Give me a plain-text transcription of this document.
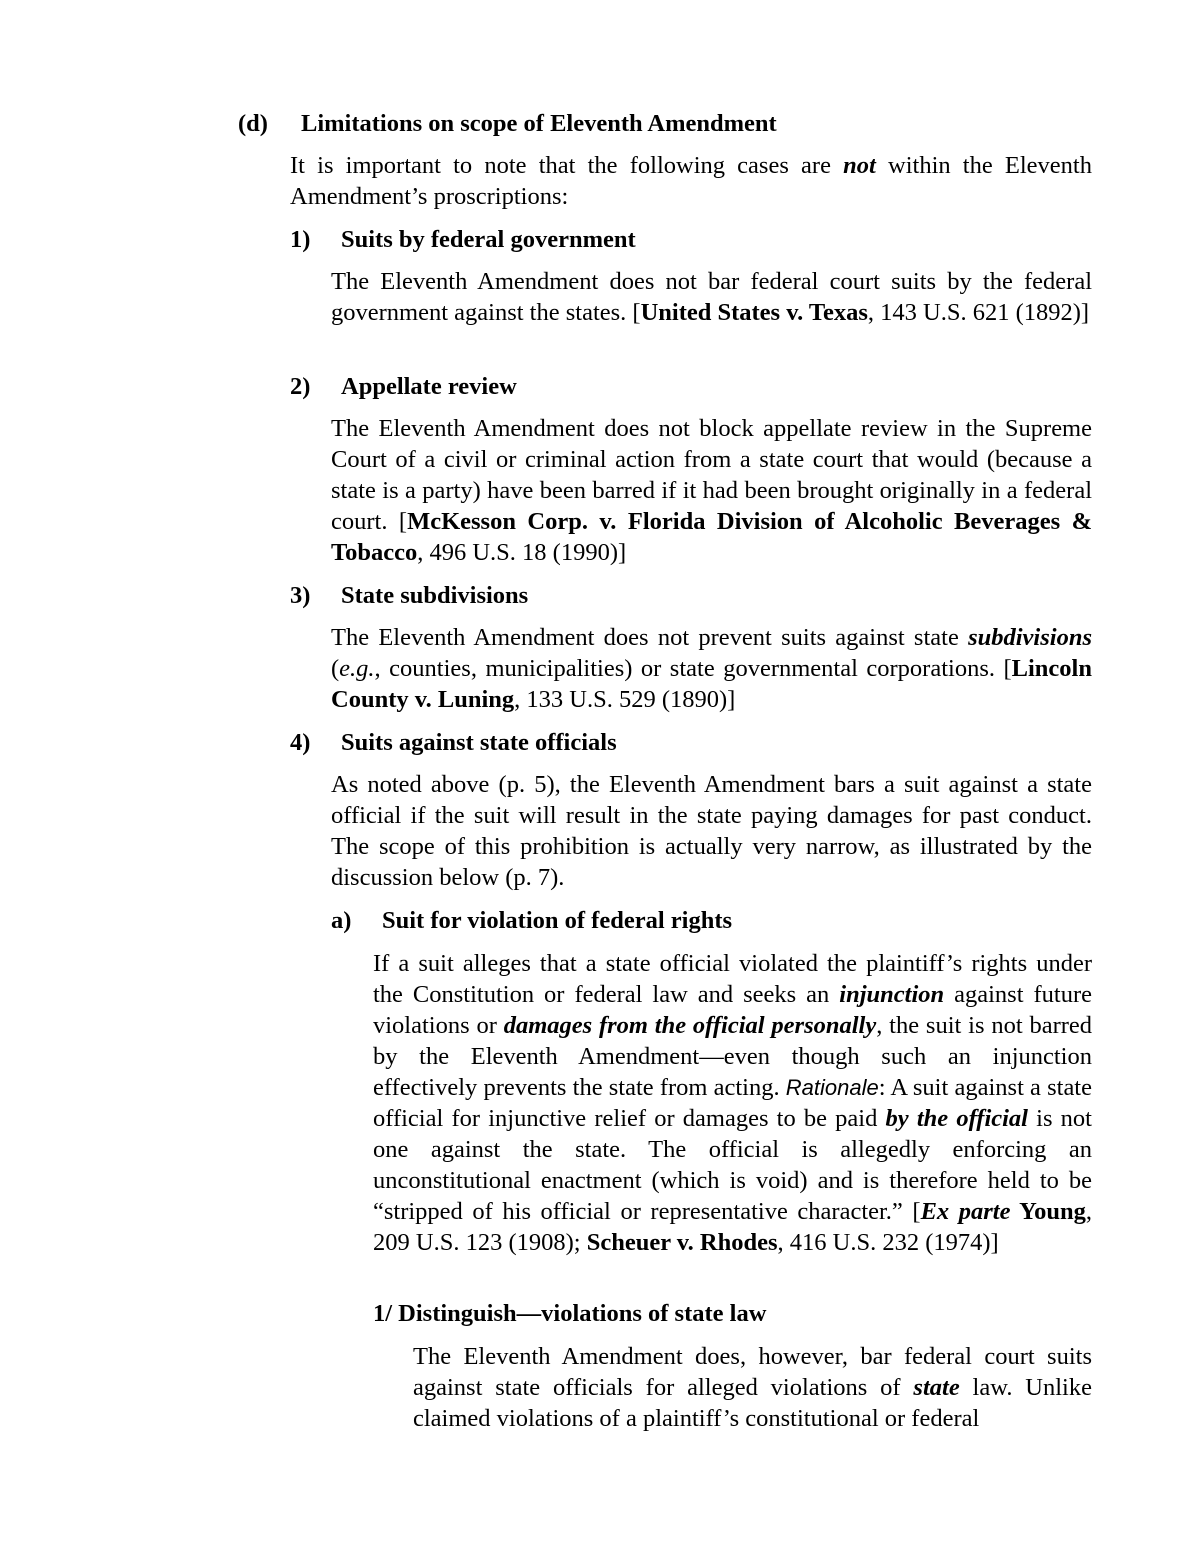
(d) Limitations on scope of Eleventh Amendment

It is important to note that the following cases are not within the Eleventh Amendment’s proscriptions:

1) Suits by federal government

The Eleventh Amendment does not bar federal court suits by the federal government against the states. [United States v. Texas, 143 U.S. 621 (1892)]

2) Appellate review

The Eleventh Amendment does not block appellate review in the Supreme Court of a civil or criminal action from a state court that would (because a state is a party) have been barred if it had been brought originally in a federal court. [McKesson Corp. v. Florida Division of Alcoholic Beverages & Tobacco, 496 U.S. 18 (1990)]

3) State subdivisions

The Eleventh Amendment does not prevent suits against state subdivisions (e.g., counties, municipalities) or state governmental corporations. [Lincoln County v. Luning, 133 U.S. 529 (1890)]

4) Suits against state officials

As noted above (p. 5), the Eleventh Amendment bars a suit against a state official if the suit will result in the state paying damages for past conduct. The scope of this prohibition is actually very narrow, as illustrated by the discussion below (p. 7).

a) Suit for violation of federal rights

If a suit alleges that a state official violated the plaintiff’s rights under the Constitution or federal law and seeks an injunction against future violations or damages from the official personally, the suit is not barred by the Eleventh Amendment—even though such an injunction effectively prevents the state from acting. Rationale: A suit against a state official for injunctive relief or damages to be paid by the official is not one against the state. The official is allegedly enforcing an unconstitutional enactment (which is void) and is therefore held to be “stripped of his official or representative character.” [Ex parte Young, 209 U.S. 123 (1908); Scheuer v. Rhodes, 416 U.S. 232 (1974)]

1/ Distinguish—violations of state law

The Eleventh Amendment does, however, bar federal court suits against state officials for alleged violations of state law. Unlike claimed violations of a plaintiff’s constitutional or federal
